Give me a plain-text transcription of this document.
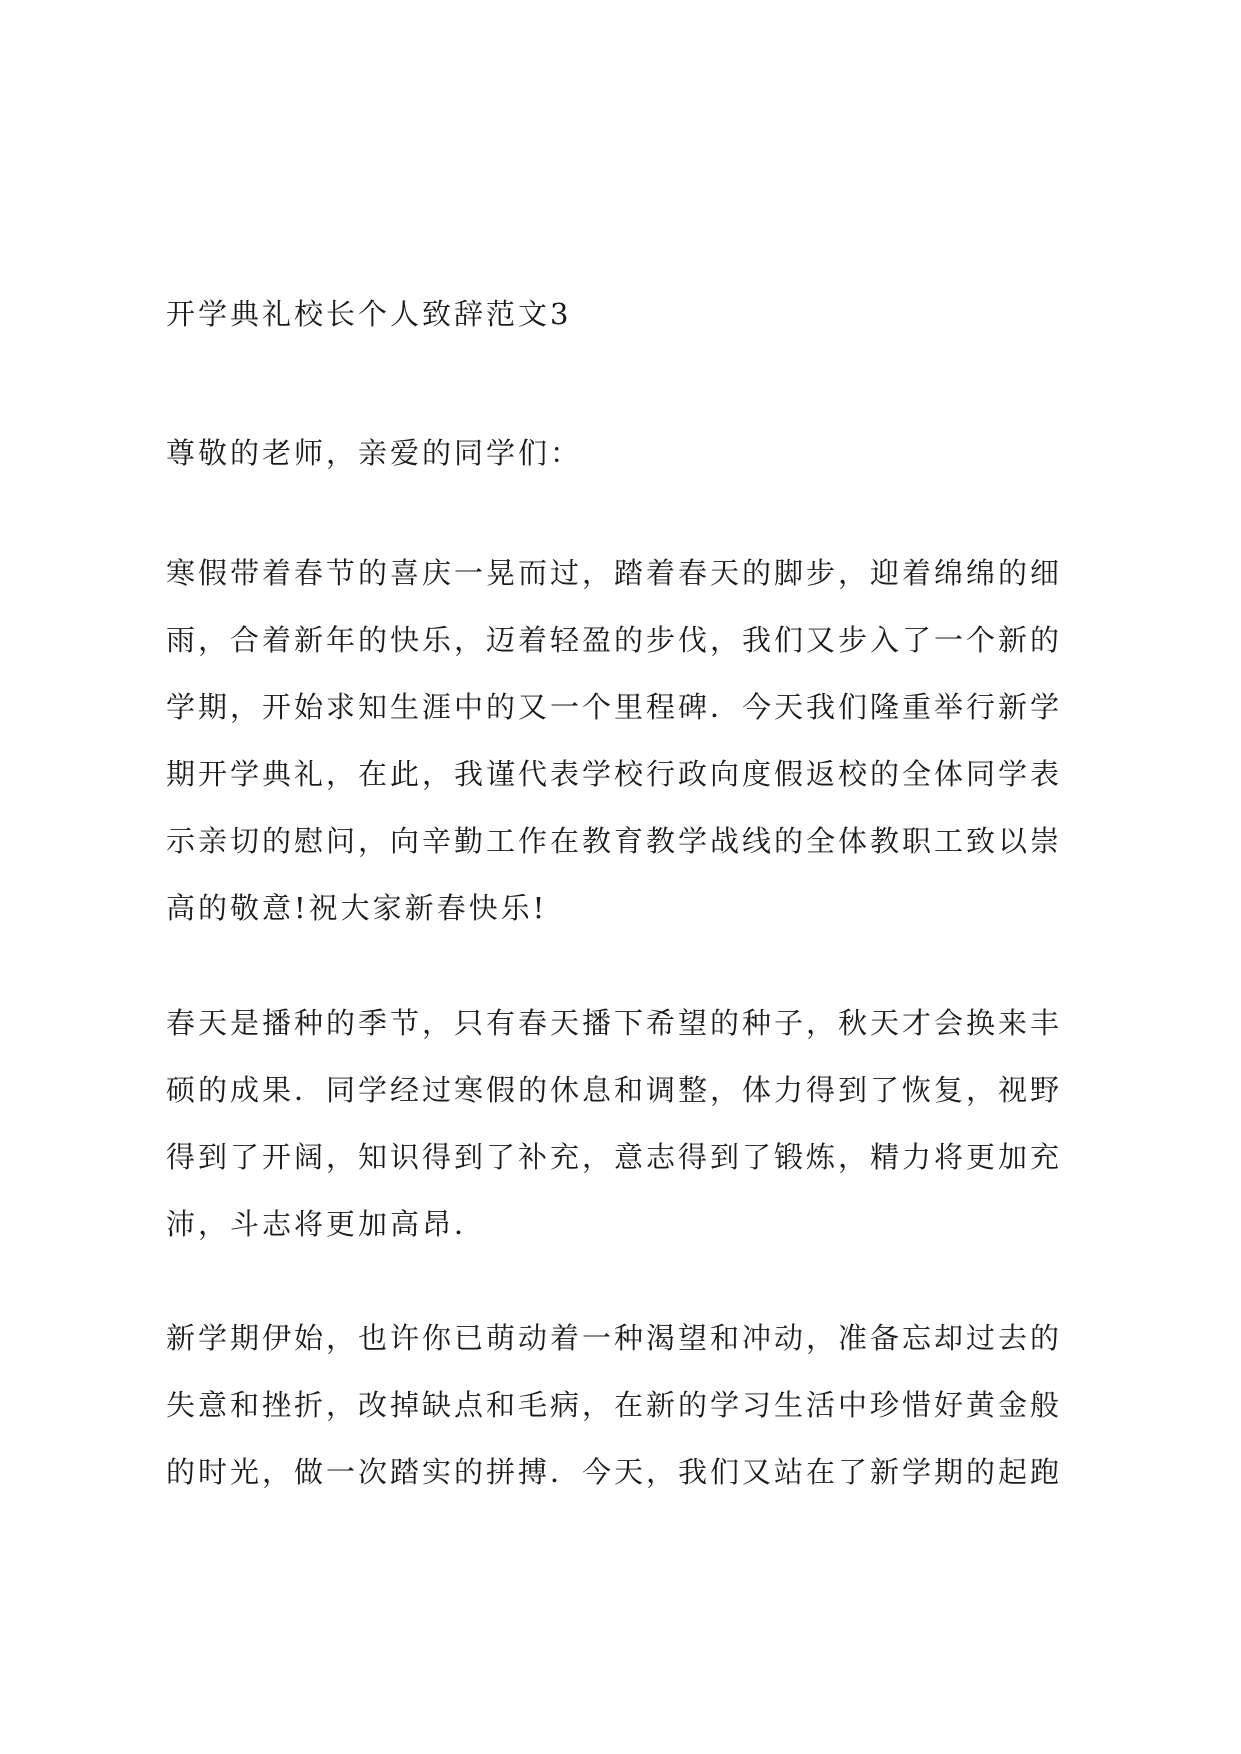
开学典礼校长个人致辞范文3

尊敬的老师，亲爱的同学们：

寒假带着春节的喜庆一晃而过，踏着春天的脚步，迎着绵绵的细雨，合着新年的快乐，迈着轻盈的步伐，我们又步入了一个新的学期，开始求知生涯中的又一个里程碑．今天我们隆重举行新学期开学典礼，在此，我谨代表学校行政向度假返校的全体同学表示亲切的慰问，向辛勤工作在教育教学战线的全体教职工致以崇高的敬意!祝大家新春快乐!

春天是播种的季节，只有春天播下希望的种子，秋天才会换来丰硕的成果．同学经过寒假的休息和调整，体力得到了恢复，视野得到了开阔，知识得到了补充，意志得到了锻炼，精力将更加充沛，斗志将更加高昂．

新学期伊始，也许你已萌动着一种渴望和冲动，准备忘却过去的失意和挫折，改掉缺点和毛病，在新的学习生活中珍惜好黄金般的时光，做一次踏实的拼搏．今天，我们又站在了新学期的起跑
